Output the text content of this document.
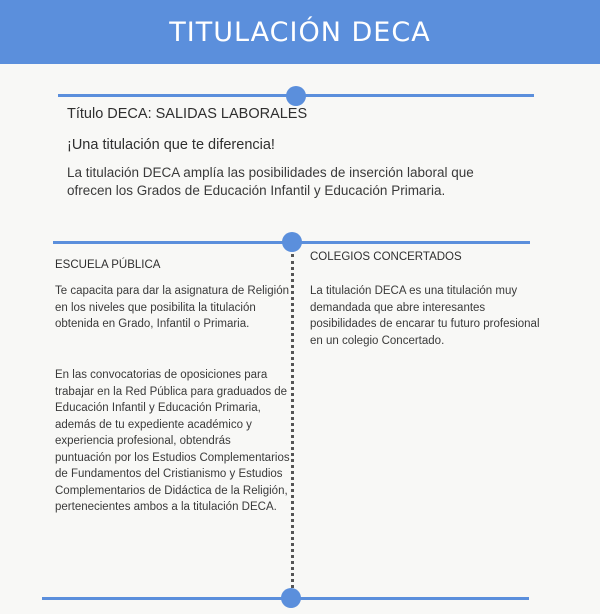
TITULACIÓN DECA

Título DECA: SALIDAS LABORALES

¡Una titulación que te diferencia!

La titulación DECA amplía las posibilidades de inserción laboral que ofrecen los Grados de Educación Infantil y Educación Primaria.

ESCUELA PÚBLICA

Te capacita para dar la asignatura de Religión en los niveles que posibilita la titulación obtenida en Grado, Infantil o Primaria.

En las convocatorias de oposiciones para trabajar en la Red Pública para graduados de Educación Infantil y Educación Primaria, además de tu expediente académico y experiencia profesional, obtendrás puntuación por los Estudios Complementarios de Fundamentos del Cristianismo y Estudios Complementarios de Didáctica de la Religión, pertenecientes ambos a la titulación DECA.

COLEGIOS CONCERTADOS

La titulación DECA es una titulación muy demandada que abre interesantes posibilidades de encarar tu futuro profesional en un colegio Concertado.
